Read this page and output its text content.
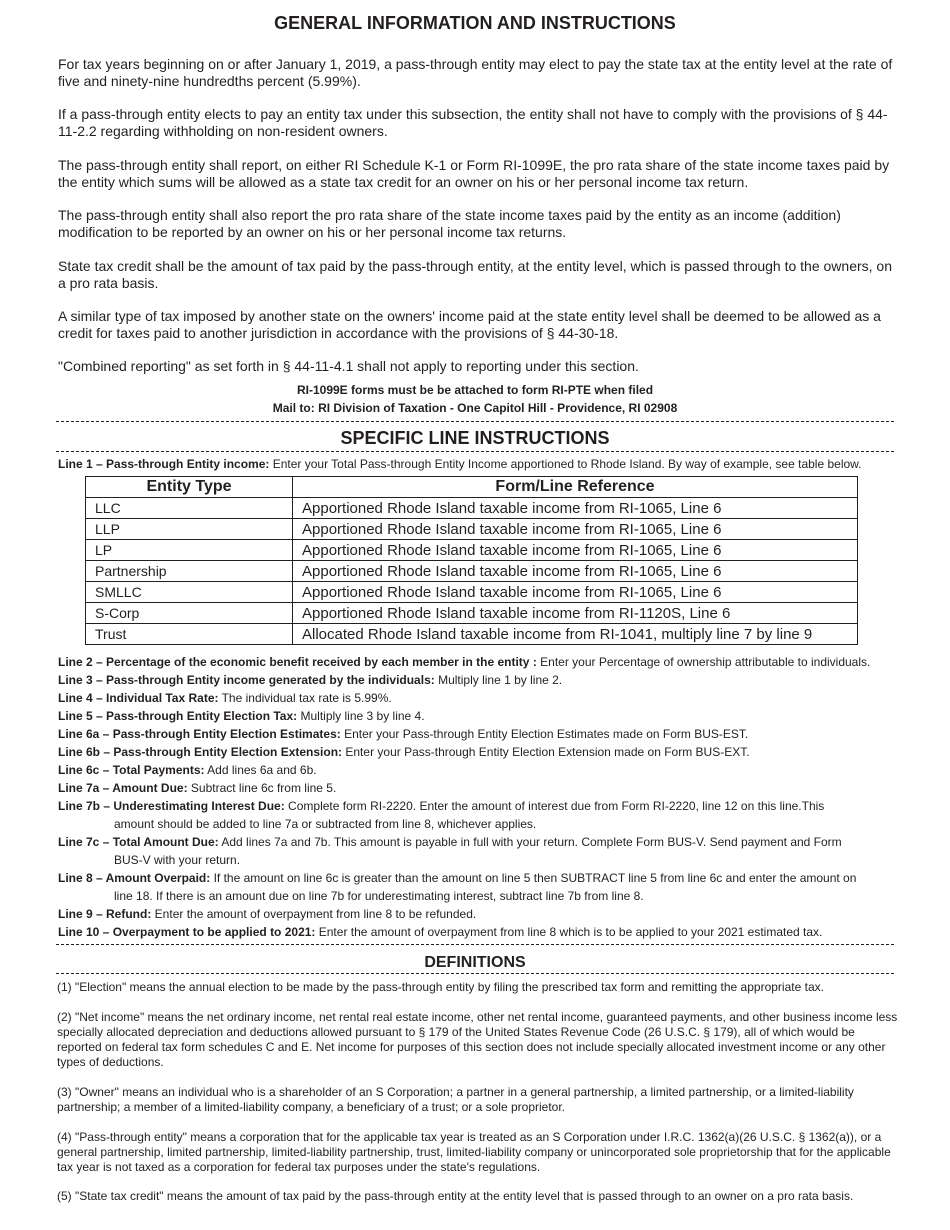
GENERAL INFORMATION AND INSTRUCTIONS

For tax years beginning on or after January 1, 2019, a pass-through entity may elect to pay the state tax at the entity level at the rate of five and ninety-nine hundredths percent (5.99%).

If a pass-through entity elects to pay an entity tax under this subsection, the entity shall not have to comply with the provisions of § 44-11-2.2 regarding withholding on non-resident owners.

The pass-through entity shall report, on either RI Schedule K-1 or Form RI-1099E, the pro rata share of the state income taxes paid by the entity which sums will be allowed as a state tax credit for an owner on his or her personal income tax return.

The pass-through entity shall also report the pro rata share of the state income taxes paid by the entity as an income (addition) modification to be reported by an owner on his or her personal income tax returns.

State tax credit shall be the amount of tax paid by the pass-through entity, at the entity level, which is passed through to the owners, on a pro rata basis.

A similar type of tax imposed by another state on the owners' income paid at the state entity level shall be deemed to be allowed as a credit for taxes paid to another jurisdiction in accordance with the provisions of § 44-30-18.

"Combined reporting" as set forth in § 44-11-4.1 shall not apply to reporting under this section.

RI-1099E forms must be be attached to form RI-PTE when filed
Mail to: RI Division of Taxation - One Capitol Hill - Providence, RI 02908
SPECIFIC LINE INSTRUCTIONS
Line 1 – Pass-through Entity income: Enter your Total Pass-through Entity Income apportioned to Rhode Island. By way of example, see table below.
Entity Type	Form/Line Reference
LLC	Apportioned Rhode Island taxable income from RI-1065, Line 6
LLP	Apportioned Rhode Island taxable income from RI-1065, Line 6
LP	Apportioned Rhode Island taxable income from RI-1065, Line 6
Partnership	Apportioned Rhode Island taxable income from RI-1065, Line 6
SMLLC	Apportioned Rhode Island taxable income from RI-1065, Line 6
S-Corp	Apportioned Rhode Island taxable income from RI-1120S, Line 6
Trust	Allocated Rhode Island taxable income from RI-1041, multiply line 7 by line 9
Line 2 – Percentage of the economic benefit received by each member in the entity : Enter your Percentage of ownership attributable to individuals.
Line 3 – Pass-through Entity income generated by the individuals: Multiply line 1 by line 2.
Line 4 – Individual Tax Rate: The individual tax rate is 5.99%.
Line 5 – Pass-through Entity Election Tax: Multiply line 3 by line 4.
Line 6a – Pass-through Entity Election Estimates: Enter your Pass-through Entity Election Estimates made on Form BUS-EST.
Line 6b – Pass-through Entity Election Extension: Enter your Pass-through Entity Election Extension made on Form BUS-EXT.
Line 6c – Total Payments: Add lines 6a and 6b.
Line 7a – Amount Due: Subtract line 6c from line 5.
Line 7b – Underestimating Interest Due: Complete form RI-2220. Enter the amount of interest due from Form RI-2220, line 12 on this line.This
amount should be added to line 7a or subtracted from line 8, whichever applies.
Line 7c – Total Amount Due: Add lines 7a and 7b. This amount is payable in full with your return. Complete Form BUS-V. Send payment and Form
BUS-V with your return.
Line 8 – Amount Overpaid: If the amount on line 6c is greater than the amount on line 5 then SUBTRACT line 5 from line 6c and enter the amount on
line 18. If there is an amount due on line 7b for underestimating interest, subtract line 7b from line 8.
Line 9 – Refund: Enter the amount of overpayment from line 8 to be refunded.
Line 10 – Overpayment to be applied to 2021: Enter the amount of overpayment from line 8 which is to be applied to your 2021 estimated tax.
DEFINITIONS

(1) "Election" means the annual election to be made by the pass-through entity by filing the prescribed tax form and remitting the appropriate tax.

(2) "Net income" means the net ordinary income, net rental real estate income, other net rental income, guaranteed payments, and other business income less specially allocated depreciation and deductions allowed pursuant to § 179 of the United States Revenue Code (26 U.S.C. § 179), all of which would be reported on federal tax form schedules C and E. Net income for purposes of this section does not include specially allocated investment income or any other types of deductions.

(3) "Owner" means an individual who is a shareholder of an S Corporation; a partner in a general partnership, a limited partnership, or a limited-liability partnership; a member of a limited-liability company, a beneficiary of a trust; or a sole proprietor.

(4) "Pass-through entity" means a corporation that for the applicable tax year is treated as an S Corporation under I.R.C. 1362(a)(26 U.S.C. § 1362(a)), or a general partnership, limited partnership, limited-liability partnership, trust, limited-liability company or unincorporated sole proprietorship that for the applicable tax year is not taxed as a corporation for federal tax purposes under the state's regulations.

(5) "State tax credit" means the amount of tax paid by the pass-through entity at the entity level that is passed through to an owner on a pro rata basis.
